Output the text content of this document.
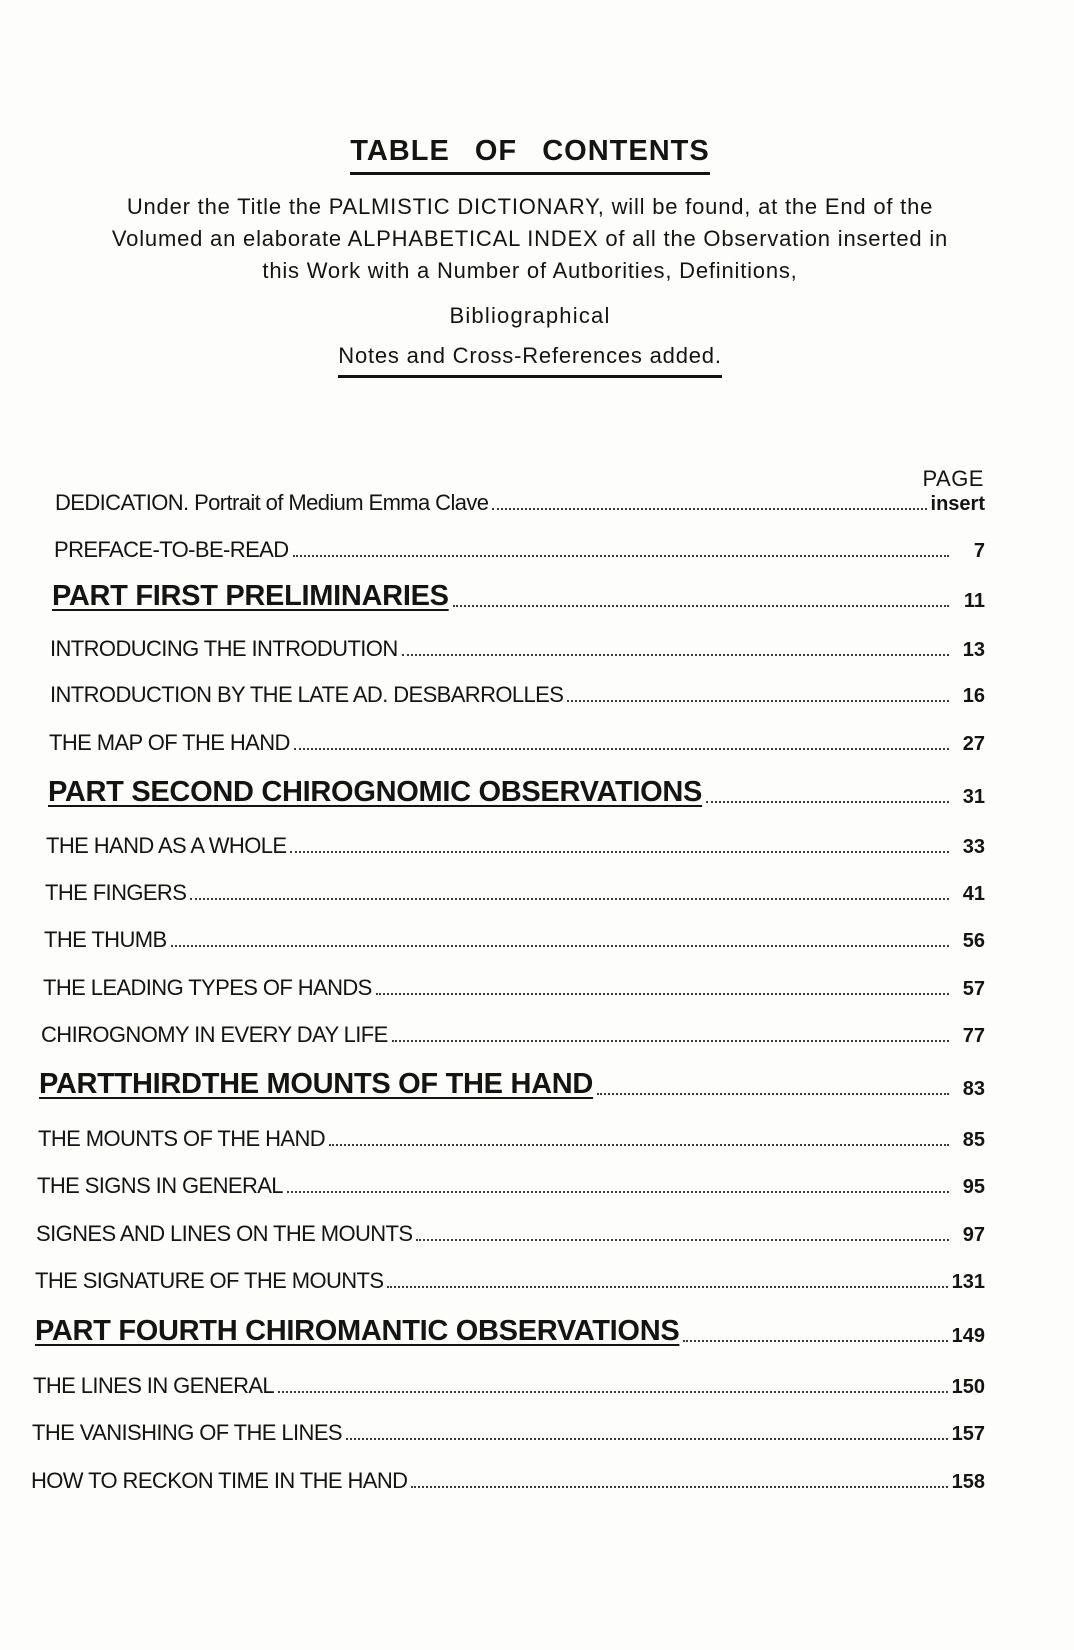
TABLE OF CONTENTS
Under the Title the PALMISTIC DICTIONARY, will be found, at the End of the Volumed an elaborate ALPHABETICAL INDEX of all the Observation inserted in this Work with a Number of Autborities, Definitions,
Bibliographical
Notes and Cross-References added.
PAGE
DEDICATION. Portrait of Medium Emma Clave	insert
PREFACE-TO-BE-READ	7
PART FIRST PRELIMINARIES	11
INTRODUCING THE INTRODUTION	13
INTRODUCTION BY THE LATE AD. DESBARROLLES	16
THE MAP OF THE HAND	27
PART SECOND CHIROGNOMIC OBSERVATIONS	31
THE HAND AS A WHOLE	33
THE FINGERS	41
THE THUMB	56
THE LEADING TYPES OF HANDS	57
CHIROGNOMY IN EVERY DAY LIFE	77
PARTTHIRDTHE MOUNTS OF THE HAND	83
THE MOUNTS OF THE HAND	85
THE SIGNS IN GENERAL	95
SIGNES AND LINES ON THE MOUNTS	97
THE SIGNATURE OF THE MOUNTS	131
PART FOURTH CHIROMANTIC OBSERVATIONS	149
THE LINES IN GENERAL	150
THE VANISHING OF THE LINES	157
HOW TO RECKON TIME IN THE HAND	158
